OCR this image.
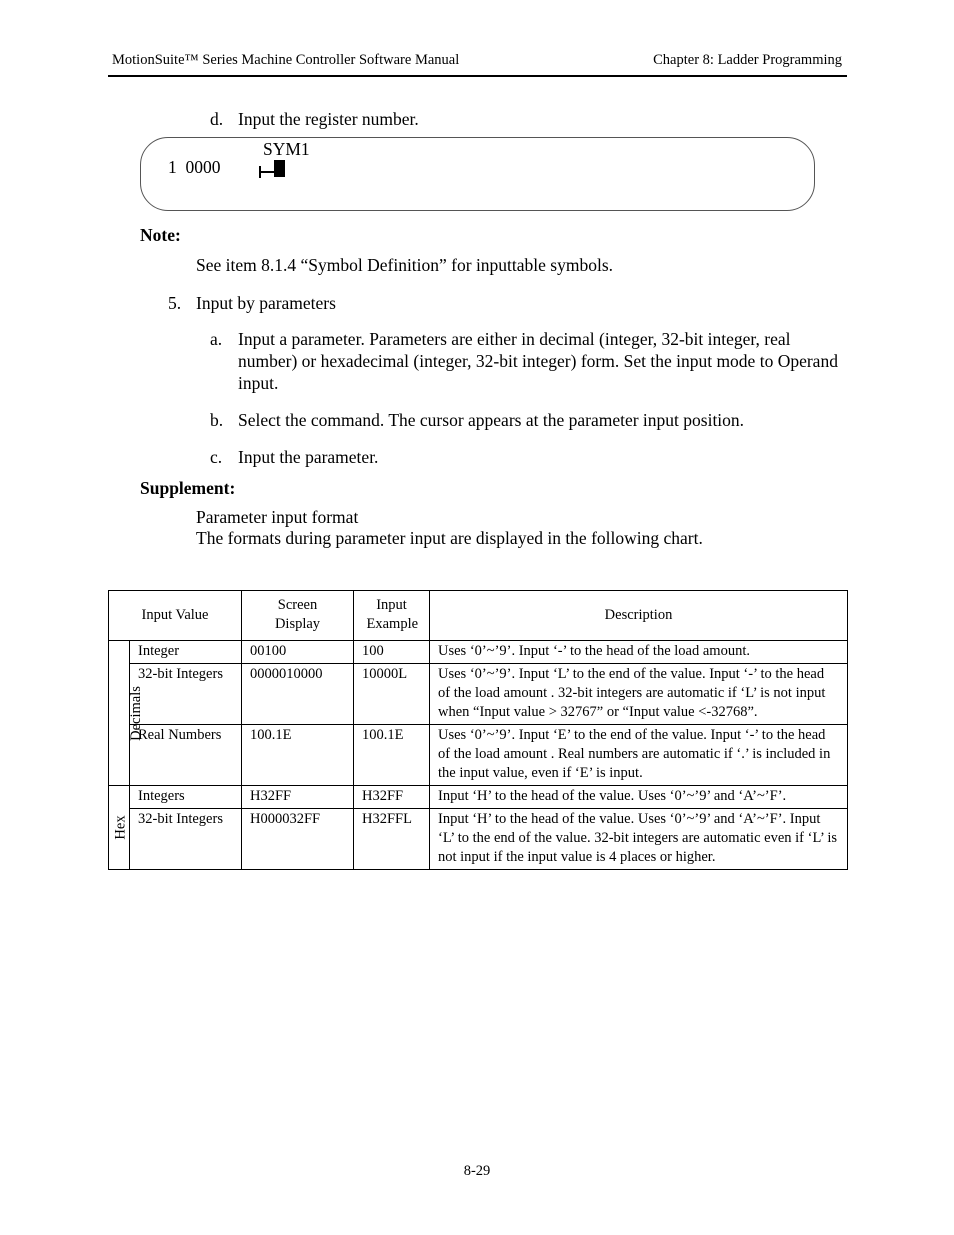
MotionSuite™ Series Machine Controller Software Manual	Chapter 8: Ladder Programming
d. Input the register number.
SYM1
1  0000
Note:
See item 8.1.4 “Symbol Definition” for inputtable symbols.
5. Input by parameters
a. Input a parameter. Parameters are either in decimal (integer, 32-bit integer, real number) or hexadecimal (integer, 32-bit integer) form. Set the input mode to Operand input.
b. Select the command. The cursor appears at the parameter input position.
c. Input the parameter.
Supplement:
Parameter input format
The formats during parameter input are displayed in the following chart.
Input Value		Screen Display	Input Example	Description
Decimals	Integer	00100	100	Uses ‘0’~’9’. Input ‘-’ to the head of the load amount.
	32-bit Integers	0000010000	10000L	Uses ‘0’~’9’. Input ‘L’ to the end of the value. Input ‘-’ to the head of the load amount . 32-bit integers are automatic if ‘L’ is not input when “Input value > 32767” or “Input value <-32768”.
	Real Numbers	100.1E	100.1E	Uses ‘0’~’9’. Input ‘E’ to the end of the value. Input ‘-’ to the head of the load amount . Real numbers are automatic if ‘.’ is included in the input value, even if ‘E’ is input.
Hex	Integers	H32FF	H32FF	Input ‘H’ to the head of the value. Uses ‘0’~’9’ and ‘A’~’F’.
	32-bit Integers	H000032FF	H32FFL	Input ‘H’ to the head of the value. Uses ‘0’~’9’ and ‘A’~’F’. Input ‘L’ to the end of the value. 32-bit integers are automatic even if ‘L’ is not input if the input value is 4 places or higher.
8-29
